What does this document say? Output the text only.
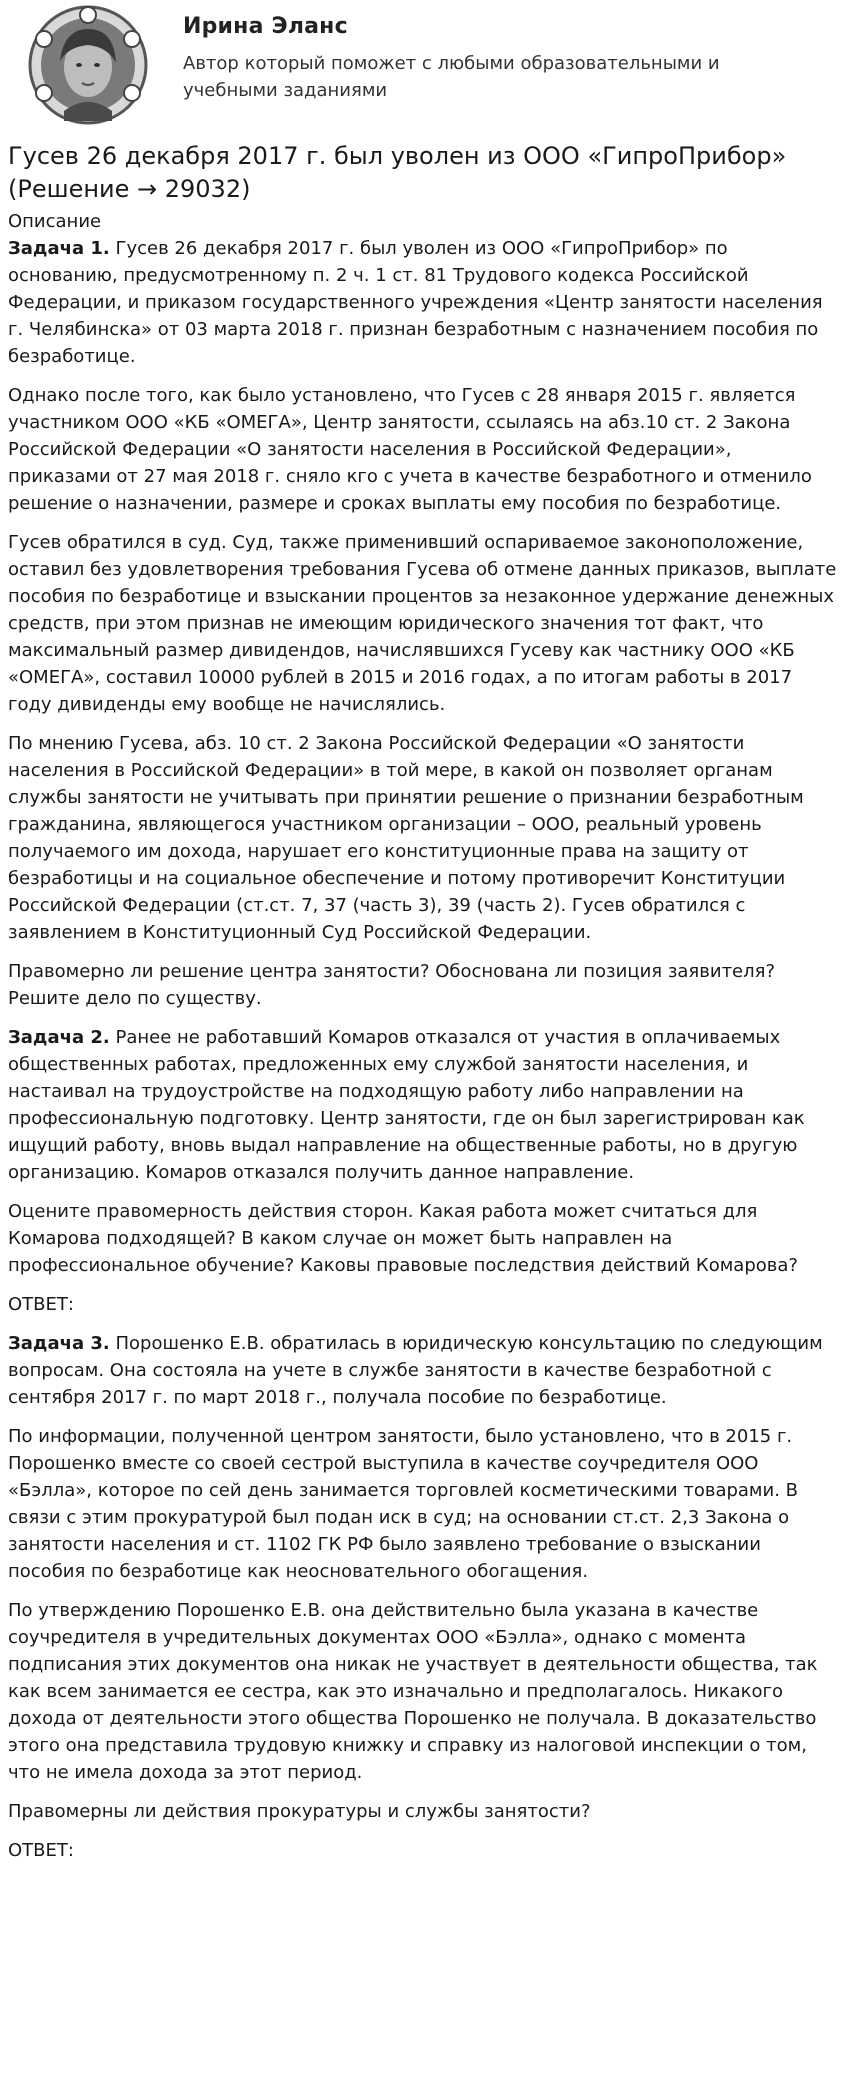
Ирина Эланс
Автор который поможет с любыми образовательными и учебными заданиями
Гусев 26 декабря 2017 г. был уволен из ООО «ГипроПрибор» (Решение → 29032)
Описание

Задача 1. Гусев 26 декабря 2017 г. был уволен из ООО «ГипроПрибор» по основанию, предусмотренному п. 2 ч. 1 ст. 81 Трудового кодекса Российской Федерации, и приказом государственного учреждения «Центр занятости населения г. Челябинска» от 03 марта 2018 г. признан безработным с назначением пособия по безработице.

Однако после того, как было установлено, что Гусев с 28 января 2015 г. является участником ООО «КБ «ОМЕГА», Центр занятости, ссылаясь на абз.10 ст. 2 Закона Российской Федерации «О занятости населения в Российской Федерации», приказами от 27 мая 2018 г. сняло кго с учета в качестве безработного и отменило решение о назначении, размере и сроках выплаты ему пособия по безработице.

Гусев обратился в суд. Суд, также применивший оспариваемое законоположение, оставил без удовлетворения требования Гусева об отмене данных приказов, выплате пособия по безработице и взыскании процентов за незаконное удержание денежных средств, при этом признав не имеющим юридического значения тот факт, что максимальный размер дивидендов, начислявшихся Гусеву как частнику ООО «КБ «ОМЕГА», составил 10000 рублей в 2015 и 2016 годах, а по итогам работы в 2017 году дивиденды ему вообще не начислялись.

По мнению Гусева, абз. 10 ст. 2 Закона Российской Федерации «О занятости населения в Российской Федерации» в той мере, в какой он позволяет органам службы занятости не учитывать при принятии решение о признании безработным гражданина, являющегося участником организации – ООО, реальный уровень получаемого им дохода, нарушает его конституционные права на защиту от безработицы и на социальное обеспечение и потому противоречит Конституции Российской Федерации (ст.ст. 7, 37 (часть 3), 39 (часть 2). Гусев обратился с заявлением в Конституционный Суд Российской Федерации.

Правомерно ли решение центра занятости? Обоснована ли позиция заявителя? Решите дело по существу.

Задача 2. Ранее не работавший Комаров отказался от участия в оплачиваемых общественных работах, предложенных ему службой занятости населения, и настаивал на трудоустройстве на подходящую работу либо направлении на профессиональную подготовку. Центр занятости, где он был зарегистрирован как ищущий работу, вновь выдал направление на общественные работы, но в другую организацию. Комаров отказался получить данное направление.

Оцените правомерность действия сторон. Какая работа может считаться для Комарова подходящей? В каком случае он может быть направлен на профессиональное обучение? Каковы правовые последствия действий Комарова?

ОТВЕТ:

Задача 3. Порошенко Е.В. обратилась в юридическую консультацию по следующим вопросам. Она состояла на учете в службе занятости в качестве безработной с сентября 2017 г. по март 2018 г., получала пособие по безработице.

По информации, полученной центром занятости, было установлено, что в 2015 г. Порошенко вместе со своей сестрой выступила в качестве соучредителя ООО «Бэлла», которое по сей день занимается торговлей косметическими товарами. В связи с этим прокуратурой был подан иск в суд; на основании ст.ст. 2,3 Закона о занятости населения и ст. 1102 ГК РФ было заявлено требование о взыскании пособия по безработице как неосновательного обогащения.

По утверждению Порошенко Е.В. она действительно была указана в качестве соучредителя в учредительных документах ООО «Бэлла», однако с момента подписания этих документов она никак не участвует в деятельности общества, так как всем занимается ее сестра, как это изначально и предполагалось. Никакого дохода от деятельности этого общества Порошенко не получала. В доказательство этого она представила трудовую книжку и справку из налоговой инспекции о том, что не имела дохода за этот период.

Правомерны ли действия прокуратуры и службы занятости?

ОТВЕТ:
